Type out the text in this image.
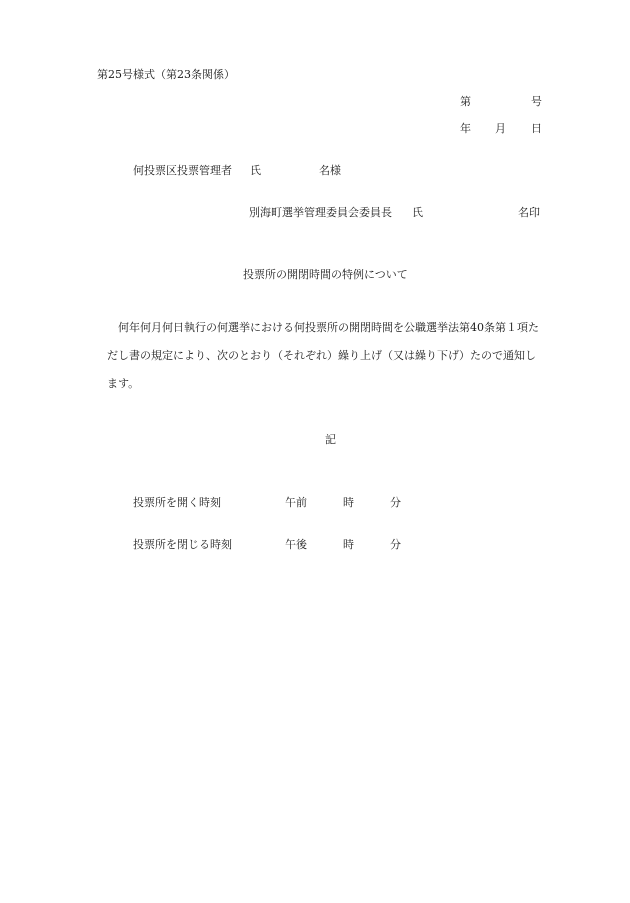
第25号様式（第23条関係）
第	号
年 月 日
何投票区投票管理者 氏	名様
別海町選挙管理委員会委員長 氏	名印
投票所の開閉時間の特例について
何年何月何日執行の何選挙における何投票所の開閉時間を公職選挙法第40条第１項た
だし書の規定により、次のとおり（それぞれ）繰り上げ（又は繰り下げ）たので通知し
ます。
記
投票所を開く時刻	午前	時	分
投票所を閉じる時刻	午後	時	分
